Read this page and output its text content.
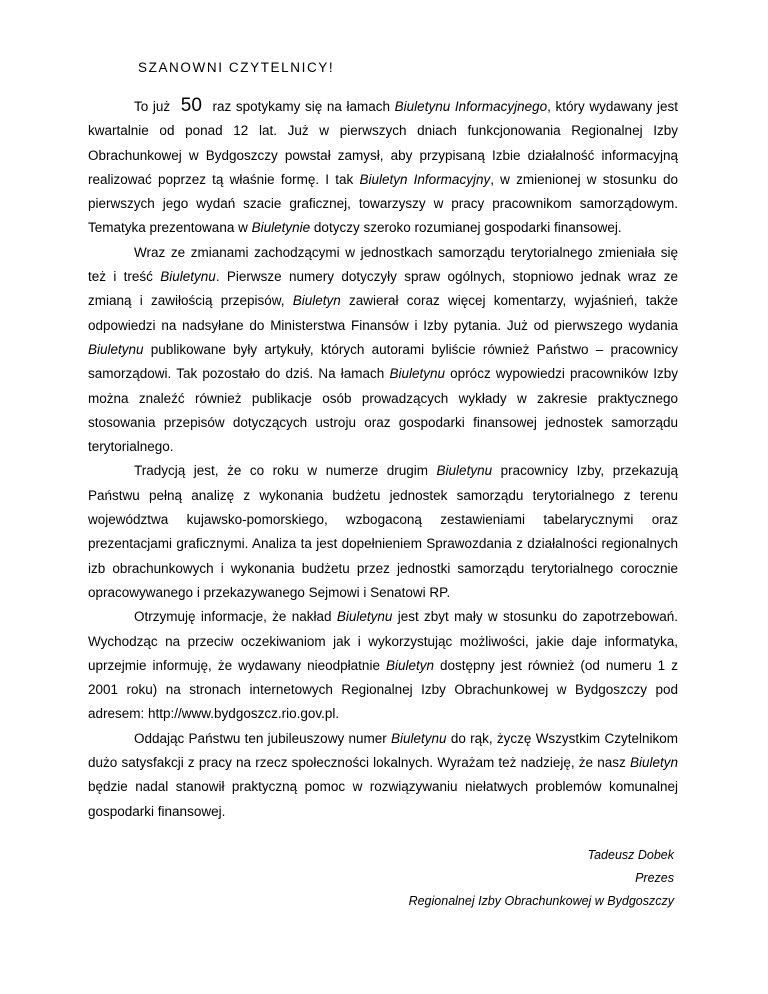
SZANOWNI CZYTELNICY!

To już 50 raz spotykamy się na łamach Biuletynu Informacyjnego, który wydawany jest kwartalnie od ponad 12 lat. Już w pierwszych dniach funkcjonowania Regionalnej Izby Obrachunkowej w Bydgoszczy powstał zamysł, aby przypisaną Izbie działalność informacyjną realizować poprzez tą właśnie formę. I tak Biuletyn Informacyjny, w zmienionej w stosunku do pierwszych jego wydań szacie graficznej, towarzyszy w pracy pracownikom samorządowym. Tematyka prezentowana w Biuletynie dotyczy szeroko rozumianej gospodarki finansowej.

Wraz ze zmianami zachodzącymi w jednostkach samorządu terytorialnego zmieniała się też i treść Biuletynu. Pierwsze numery dotyczyły spraw ogólnych, stopniowo jednak wraz ze zmianą i zawiłością przepisów, Biuletyn zawierał coraz więcej komentarzy, wyjaśnień, także odpowiedzi na nadsyłane do Ministerstwa Finansów i Izby pytania. Już od pierwszego wydania Biuletynu publikowane były artykuły, których autorami byliście również Państwo – pracownicy samorządowi. Tak pozostało do dziś. Na łamach Biuletynu oprócz wypowiedzi pracowników Izby można znaleźć również publikacje osób prowadzących wykłady w zakresie praktycznego stosowania przepisów dotyczących ustroju oraz gospodarki finansowej jednostek samorządu terytorialnego.

Tradycją jest, że co roku w numerze drugim Biuletynu pracownicy Izby, przekazują Państwu pełną analizę z wykonania budżetu jednostek samorządu terytorialnego z terenu województwa kujawsko-pomorskiego, wzbogaconą zestawieniami tabelarycznymi oraz prezentacjami graficznymi. Analiza ta jest dopełnieniem Sprawozdania z działalności regionalnych izb obrachunkowych i wykonania budżetu przez jednostki samorządu terytorialnego corocznie opracowywanego i przekazywanego Sejmowi i Senatowi RP.

Otrzymuję informacje, że nakład Biuletynu jest zbyt mały w stosunku do zapotrzebowań. Wychodząc na przeciw oczekiwaniom jak i wykorzystując możliwości, jakie daje informatyka, uprzejmie informuję, że wydawany nieodpłatnie Biuletyn dostępny jest również (od numeru 1 z 2001 roku) na stronach internetowych Regionalnej Izby Obrachunkowej w Bydgoszczy pod adresem: http://www.bydgoszcz.rio.gov.pl.

Oddając Państwu ten jubileuszowy numer Biuletynu do rąk, życzę Wszystkim Czytelnikom dużo satysfakcji z pracy na rzecz społeczności lokalnych. Wyrażam też nadzieję, że nasz Biuletyn będzie nadal stanowił praktyczną pomoc w rozwiązywaniu niełatwych problemów komunalnej gospodarki finansowej.

Tadeusz Dobek
Prezes
Regionalnej Izby Obrachunkowej w Bydgoszczy
